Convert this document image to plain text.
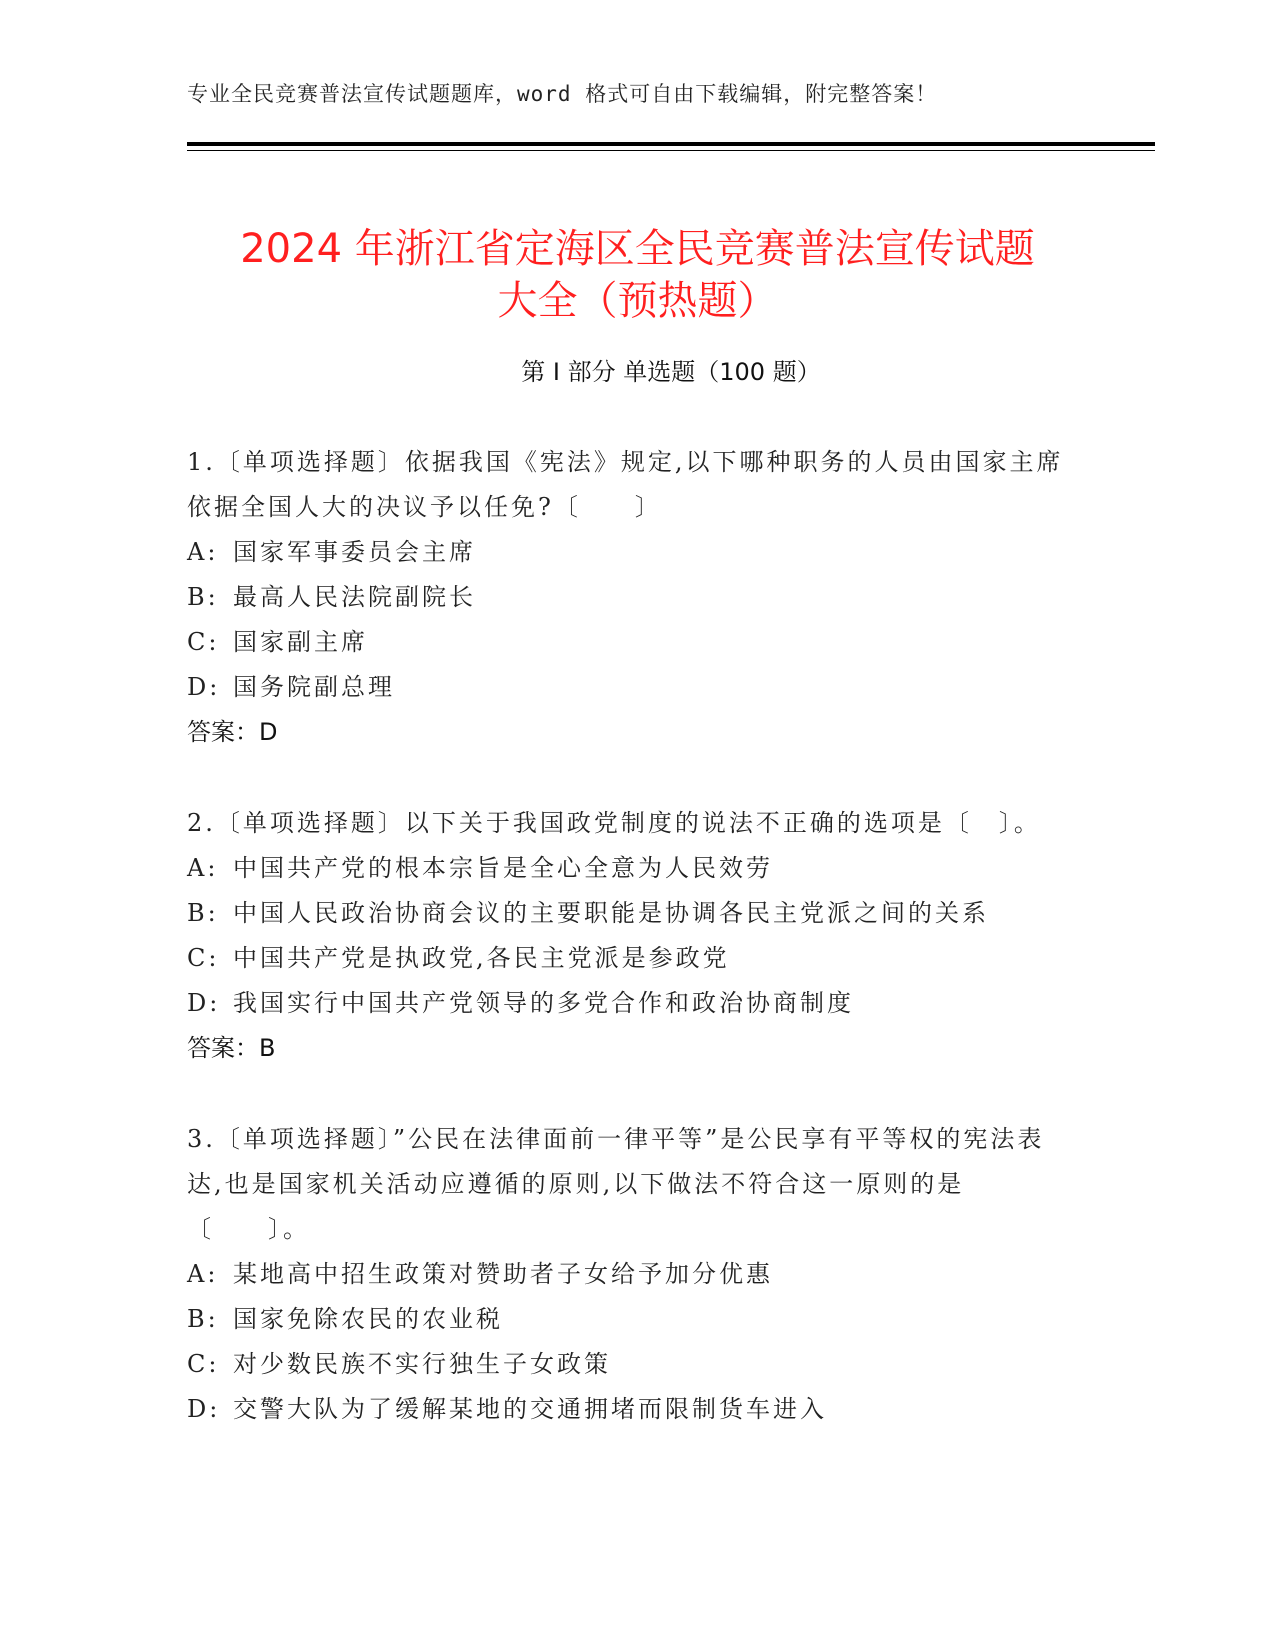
专业全民竞赛普法宣传试题题库，word 格式可自由下载编辑，附完整答案！
2024 年浙江省定海区全民竞赛普法宣传试题
大全（预热题）
第 I 部分 单选题（100 题）

1.〔单项选择题〕依据我国《宪法》规定,以下哪种职务的人员由国家主席依据全国人大的决议予以任免?〔　　〕

A: 国家军事委员会主席

B: 最高人民法院副院长

C: 国家副主席

D: 国务院副总理

答案：D

2.〔单项选择题〕以下关于我国政党制度的说法不正确的选项是〔　〕。

A: 中国共产党的根本宗旨是全心全意为人民效劳

B: 中国人民政治协商会议的主要职能是协调各民主党派之间的关系

C: 中国共产党是执政党,各民主党派是参政党

D: 我国实行中国共产党领导的多党合作和政治协商制度

答案：B

3.〔单项选择题〕”公民在法律面前一律平等”是公民享有平等权的宪法表达,也是国家机关活动应遵循的原则,以下做法不符合这一原则的是〔　　〕。

A: 某地高中招生政策对赞助者子女给予加分优惠

B: 国家免除农民的农业税

C: 对少数民族不实行独生子女政策

D: 交警大队为了缓解某地的交通拥堵而限制货车进入
